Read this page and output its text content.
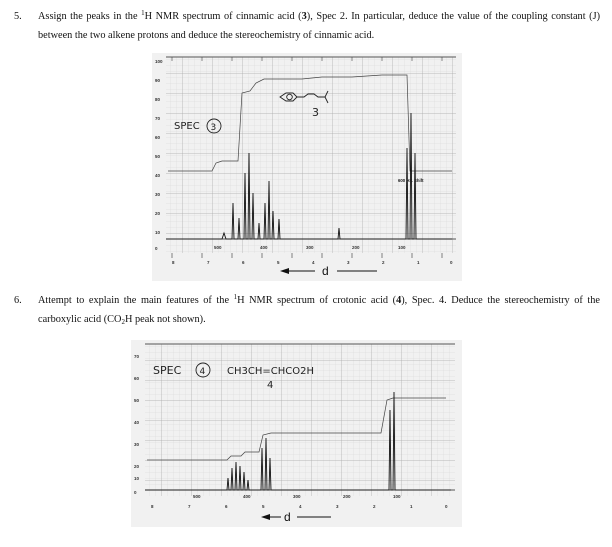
5. Assign the peaks in the $^1$H NMR spectrum of cinnamic acid (3), Spec 2. In particular, deduce the value of the coupling constant (J) between the two alkene protons and deduce the stereochemistry of cinnamic acid.
100
90
80
70
60
50
40
30
20
10
0	500	400	300	200	100
8	7	6	5	4	3	2	1	0
SPEC 3
3
600 Hz. Shift
d
6. Attempt to explain the main features of the $^1$H NMR spectrum of crotonic acid (4), Spec. 4. Deduce the stereochemistry of the carboxylic acid ($CO_2H$ peak not shown).
70
60
50
40
30
20
10
0
500	400	300	200	100
8	7	6	5	4	3	2	1	0
SPEC 4 CH3CH=CHCO2H
4
d
